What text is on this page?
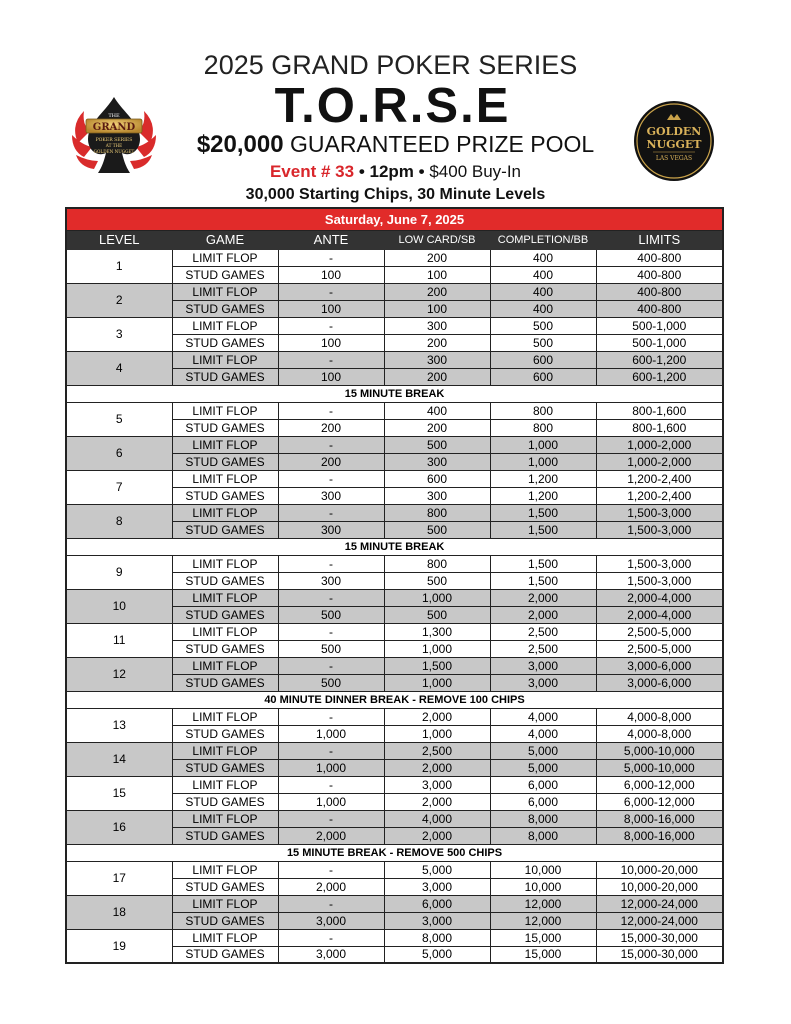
THE
GRAND
POKER SERIES
AT THE
GOLDEN NUGGET
2025 GRAND POKER SERIES
T.O.R.S.E
$20,000 GUARANTEED PRIZE POOL
Event # 33 • 12pm • $400 Buy-In
30,000 Starting Chips, 30 Minute Levels
GOLDEN
NUGGET
LAS VEGAS
Saturday, June 7, 2025					
LEVEL	GAME	ANTE	LOW CARD/SB	COMPLETION/BB	LIMITS
1	LIMIT FLOP	-	200	400	400-800
	STUD GAMES	100	100	400	400-800
2	LIMIT FLOP	-	200	400	400-800
	STUD GAMES	100	100	400	400-800
3	LIMIT FLOP	-	300	500	500-1,000
	STUD GAMES	100	200	500	500-1,000
4	LIMIT FLOP	-	300	600	600-1,200
	STUD GAMES	100	200	600	600-1,200
15 MINUTE BREAK					
5	LIMIT FLOP	-	400	800	800-1,600
	STUD GAMES	200	200	800	800-1,600
6	LIMIT FLOP	-	500	1,000	1,000-2,000
	STUD GAMES	200	300	1,000	1,000-2,000
7	LIMIT FLOP	-	600	1,200	1,200-2,400
	STUD GAMES	300	300	1,200	1,200-2,400
8	LIMIT FLOP	-	800	1,500	1,500-3,000
	STUD GAMES	300	500	1,500	1,500-3,000
15 MINUTE BREAK					
9	LIMIT FLOP	-	800	1,500	1,500-3,000
	STUD GAMES	300	500	1,500	1,500-3,000
10	LIMIT FLOP	-	1,000	2,000	2,000-4,000
	STUD GAMES	500	500	2,000	2,000-4,000
11	LIMIT FLOP	-	1,300	2,500	2,500-5,000
	STUD GAMES	500	1,000	2,500	2,500-5,000
12	LIMIT FLOP	-	1,500	3,000	3,000-6,000
	STUD GAMES	500	1,000	3,000	3,000-6,000
40 MINUTE DINNER BREAK - REMOVE 100 CHIPS					
13	LIMIT FLOP	-	2,000	4,000	4,000-8,000
	STUD GAMES	1,000	1,000	4,000	4,000-8,000
14	LIMIT FLOP	-	2,500	5,000	5,000-10,000
	STUD GAMES	1,000	2,000	5,000	5,000-10,000
15	LIMIT FLOP	-	3,000	6,000	6,000-12,000
	STUD GAMES	1,000	2,000	6,000	6,000-12,000
16	LIMIT FLOP	-	4,000	8,000	8,000-16,000
	STUD GAMES	2,000	2,000	8,000	8,000-16,000
15 MINUTE BREAK - REMOVE 500 CHIPS					
17	LIMIT FLOP	-	5,000	10,000	10,000-20,000
	STUD GAMES	2,000	3,000	10,000	10,000-20,000
18	LIMIT FLOP	-	6,000	12,000	12,000-24,000
	STUD GAMES	3,000	3,000	12,000	12,000-24,000
19	LIMIT FLOP	-	8,000	15,000	15,000-30,000
	STUD GAMES	3,000	5,000	15,000	15,000-30,000
